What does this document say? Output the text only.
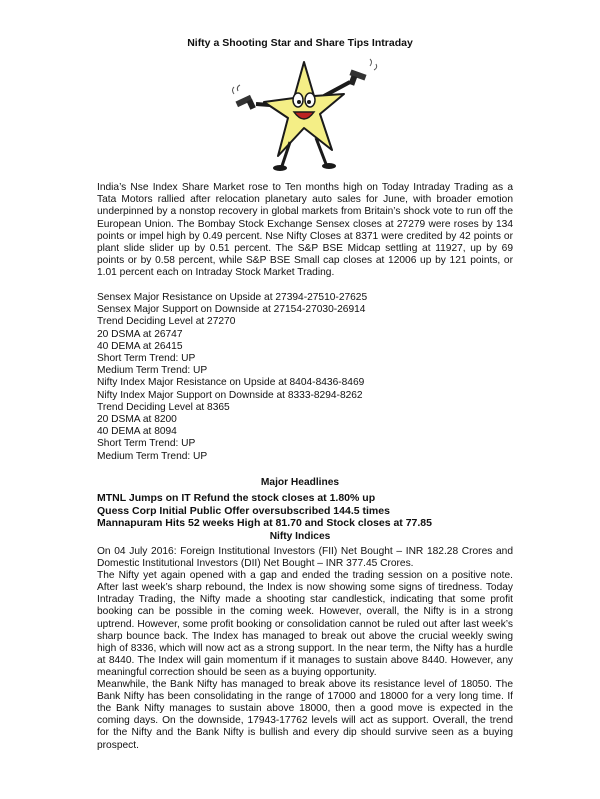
Nifty a Shooting Star and Share Tips Intraday
India’s Nse Index Share Market rose to Ten months high on Today Intraday Trading as a Tata Motors rallied after relocation planetary auto sales for June, with broader emotion underpinned by a nonstop recovery in global markets from Britain’s shock vote to run off the European Union. The Bombay Stock Exchange Sensex closes at 27279 were roses by 134 points or impel high by 0.49 percent. Nse Nifty Closes at 8371 were credited by 42 points or plant slide slider up by 0.51 percent. The S&P BSE Midcap settling at 11927, up by 69 points or by 0.58 percent, while S&P BSE Small cap closes at 12006 up by 121 points, or 1.01 percent each on Intraday Stock Market Trading.
Sensex Major Resistance on Upside at 27394-27510-27625
Sensex Major Support on Downside at 27154-27030-26914
Trend Deciding Level at 27270
20 DSMA at 26747
40 DEMA at 26415
Short Term Trend: UP
Medium Term Trend: UP
Nifty Index Major Resistance on Upside at 8404-8436-8469
Nifty Index Major Support on Downside at 8333-8294-8262
Trend Deciding Level at 8365
20 DSMA at 8200
40 DEMA at 8094
Short Term Trend: UP
Medium Term Trend: UP
Major Headlines
MTNL Jumps on IT Refund the stock closes at 1.80% up
Quess Corp Initial Public Offer oversubscribed 144.5 times
Mannapuram Hits 52 weeks High at 81.70 and Stock closes at 77.85
Nifty Indices

On 04 July 2016: Foreign Institutional Investors (FII) Net Bought – INR 182.28 Crores and Domestic Institutional Investors (DII) Net Bought – INR 377.45 Crores.

The Nifty yet again opened with a gap and ended the trading session on a positive note. After last week’s sharp rebound, the Index is now showing some signs of tiredness. Today Intraday Trading, the Nifty made a shooting star candlestick, indicating that some profit booking can be possible in the coming week. However, overall, the Nifty is in a strong uptrend. However, some profit booking or consolidation cannot be ruled out after last week’s sharp bounce back. The Index has managed to break out above the crucial weekly swing high of 8336, which will now act as a strong support. In the near term, the Nifty has a hurdle at 8440. The Index will gain momentum if it manages to sustain above 8440. However, any meaningful correction should be seen as a buying opportunity.

Meanwhile, the Bank Nifty has managed to break above its resistance level of 18050. The Bank Nifty has been consolidating in the range of 17000 and 18000 for a very long time. If the Bank Nifty manages to sustain above 18000, then a good move is expected in the coming days. On the downside, 17943-17762 levels will act as support. Overall, the trend for the Nifty and the Bank Nifty is bullish and every dip should survive seen as a buying prospect.
